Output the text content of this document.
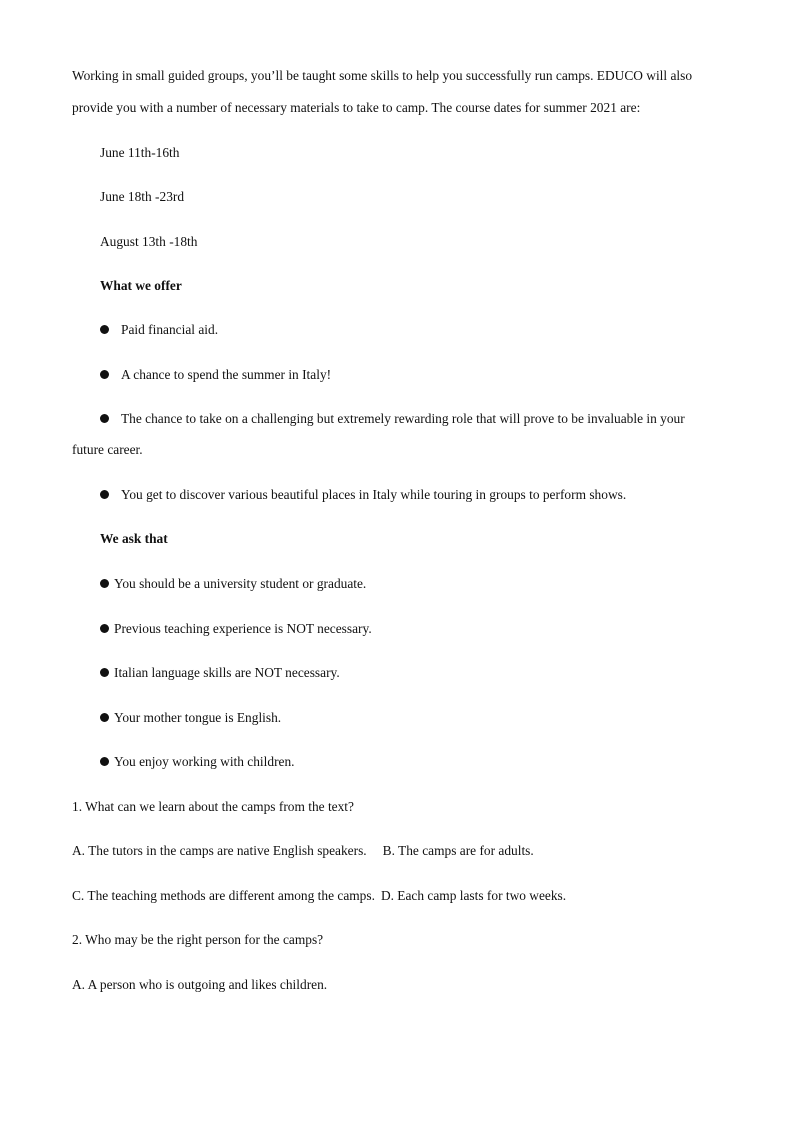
Working in small guided groups, you’ll be taught some skills to help you successfully run camps. EDUCO will also
provide you with a number of necessary materials to take to camp. The course dates for summer 2021 are:
June 11th-16th
June 18th -23rd
August 13th -18th
What we offer
Paid financial aid.
A chance to spend the summer in Italy!
The chance to take on a challenging but extremely rewarding role that will prove to be invaluable in your
future career.
You get to discover various beautiful places in Italy while touring in groups to perform shows.
We ask that
You should be a university student or graduate.
Previous teaching experience is NOT necessary.
Italian language skills are NOT necessary.
Your mother tongue is English.
You enjoy working with children.
1. What can we learn about the camps from the text?
A. The tutors in the camps are native English speakers. B. The camps are for adults.
C. The teaching methods are different among the camps. D. Each camp lasts for two weeks.
2. Who may be the right person for the camps?
A. A person who is outgoing and likes children.
